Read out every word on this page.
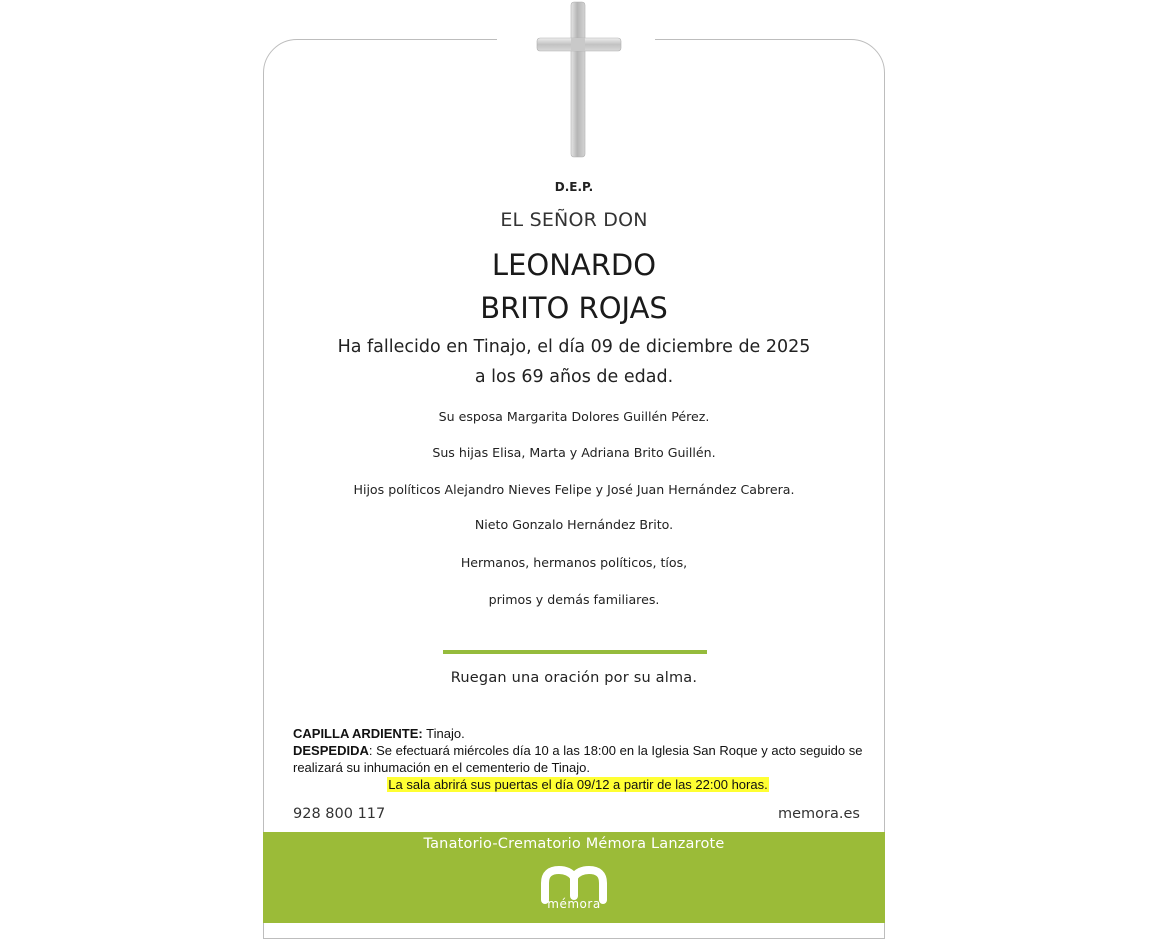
D.E.P.
EL SEÑOR DON
LEONARDO
BRITO ROJAS
Ha fallecido en Tinajo, el día 09 de diciembre de 2025
a los 69 años de edad.
Su esposa Margarita Dolores Guillén Pérez.
Sus hijas Elisa, Marta y Adriana Brito Guillén.
Hijos políticos Alejandro Nieves Felipe y José Juan Hernández Cabrera.
Nieto Gonzalo Hernández Brito.
Hermanos, hermanos políticos, tíos,
primos y demás familiares.
Ruegan una oración por su alma.
CAPILLA ARDIENTE: Tinajo.
DESPEDIDA: Se efectuará miércoles día 10 a las 18:00 en la Iglesia San Roque y acto seguido se realizará su inhumación en el cementerio de Tinajo.
La sala abrirá sus puertas el día 09/12 a partir de las 22:00 horas.
928 800 117	memora.es
Tanatorio-Crematorio Mémora Lanzarote
mémora
